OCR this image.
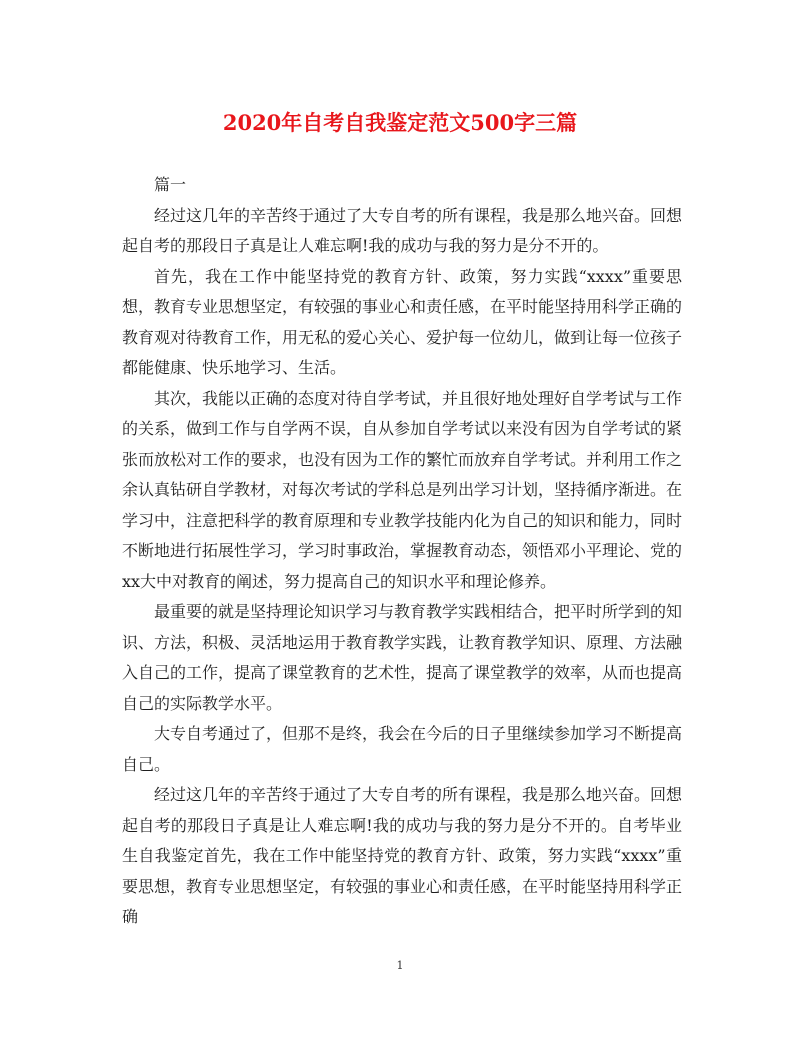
2020年自考自我鉴定范文500字三篇

篇一

经过这几年的辛苦终于通过了大专自考的所有课程，我是那么地兴奋。回想起自考的那段日子真是让人难忘啊!我的成功与我的努力是分不开的。

首先，我在工作中能坚持党的教育方针、政策，努力实践“xxxx”重要思想，教育专业思想坚定，有较强的事业心和责任感，在平时能坚持用科学正确的教育观对待教育工作，用无私的爱心关心、爱护每一位幼儿，做到让每一位孩子都能健康、快乐地学习、生活。

其次，我能以正确的态度对待自学考试，并且很好地处理好自学考试与工作的关系，做到工作与自学两不误，自从参加自学考试以来没有因为自学考试的紧张而放松对工作的要求，也没有因为工作的繁忙而放弃自学考试。并利用工作之余认真钻研自学教材，对每次考试的学科总是列出学习计划，坚持循序渐进。在学习中，注意把科学的教育原理和专业教学技能内化为自己的知识和能力，同时不断地进行拓展性学习，学习时事政治，掌握教育动态，领悟邓小平理论、党的xx大中对教育的阐述，努力提高自己的知识水平和理论修养。

最重要的就是坚持理论知识学习与教育教学实践相结合，把平时所学到的知识、方法，积极、灵活地运用于教育教学实践，让教育教学知识、原理、方法融入自己的工作，提高了课堂教育的艺术性，提高了课堂教学的效率，从而也提高自己的实际教学水平。

大专自考通过了，但那不是终，我会在今后的日子里继续参加学习不断提高自己。

经过这几年的辛苦终于通过了大专自考的所有课程，我是那么地兴奋。回想起自考的那段日子真是让人难忘啊!我的成功与我的努力是分不开的。自考毕业生自我鉴定首先，我在工作中能坚持党的教育方针、政策，努力实践“xxxx”重要思想，教育专业思想坚定，有较强的事业心和责任感，在平时能坚持用科学正确

1
